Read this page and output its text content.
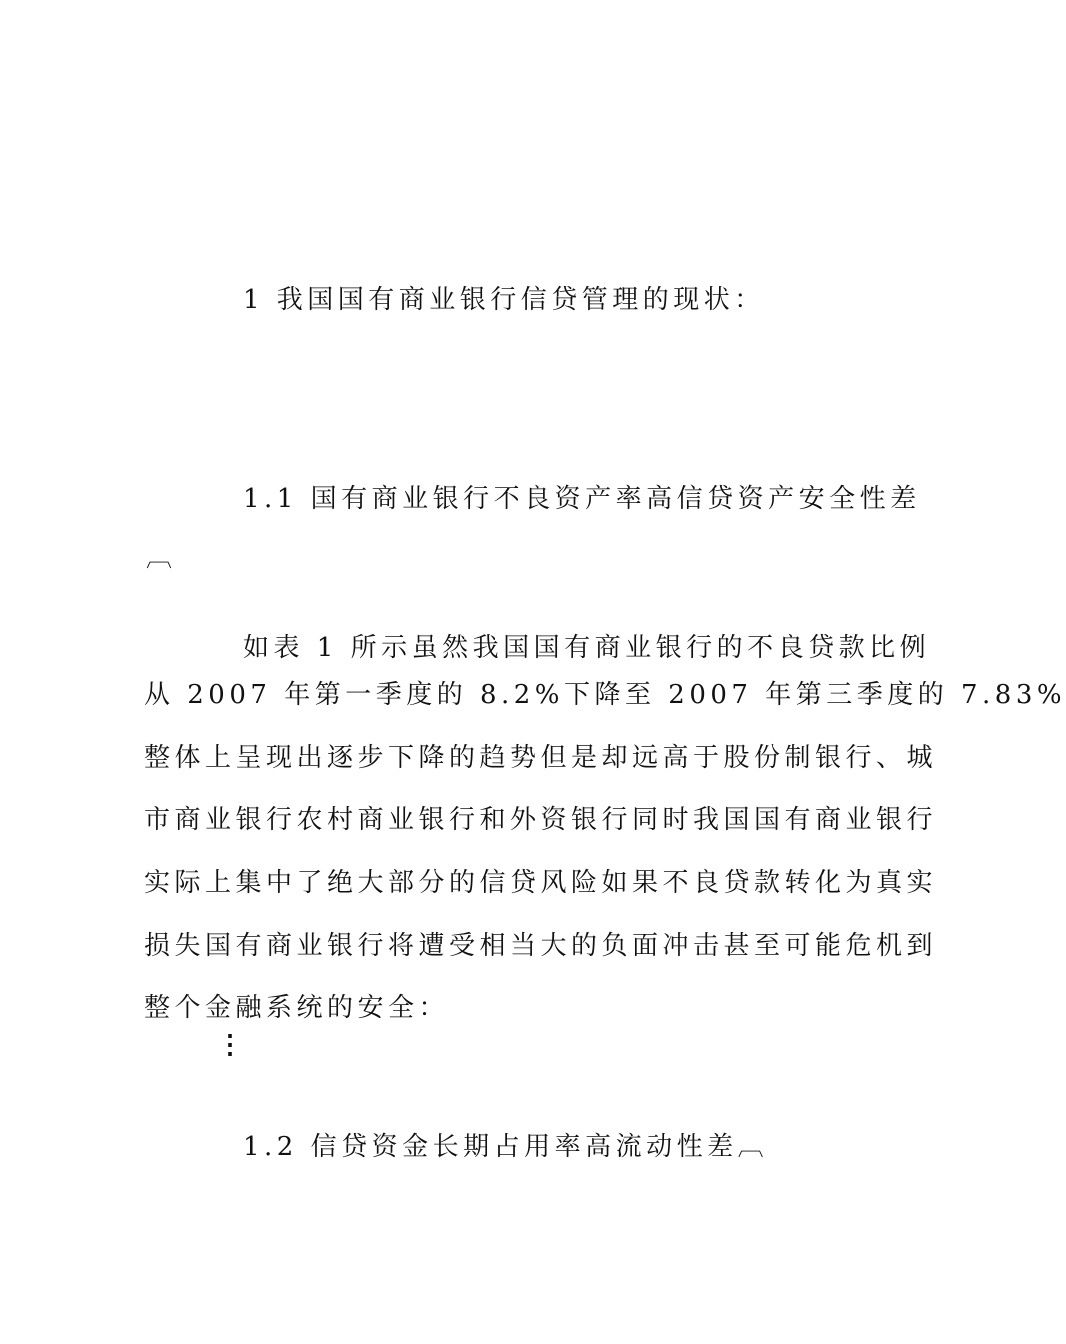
1 我国国有商业银行信贷管理的现状：
1.1 国有商业银行不良资产率高信贷资产安全性差
︹
如表 1 所示虽然我国国有商业银行的不良贷款比例
从 2007 年第一季度的 8.2%下降至 2007 年第三季度的 7.83%
整体上呈现出逐步下降的趋势但是却远高于股份制银行、城
市商业银行农村商业银行和外资银行同时我国国有商业银行
实际上集中了绝大部分的信贷风险如果不良贷款转化为真实
损失国有商业银行将遭受相当大的负面冲击甚至可能危机到
整个金融系统的安全：
⋮
1.2 信贷资金长期占用率高流动性差︹
